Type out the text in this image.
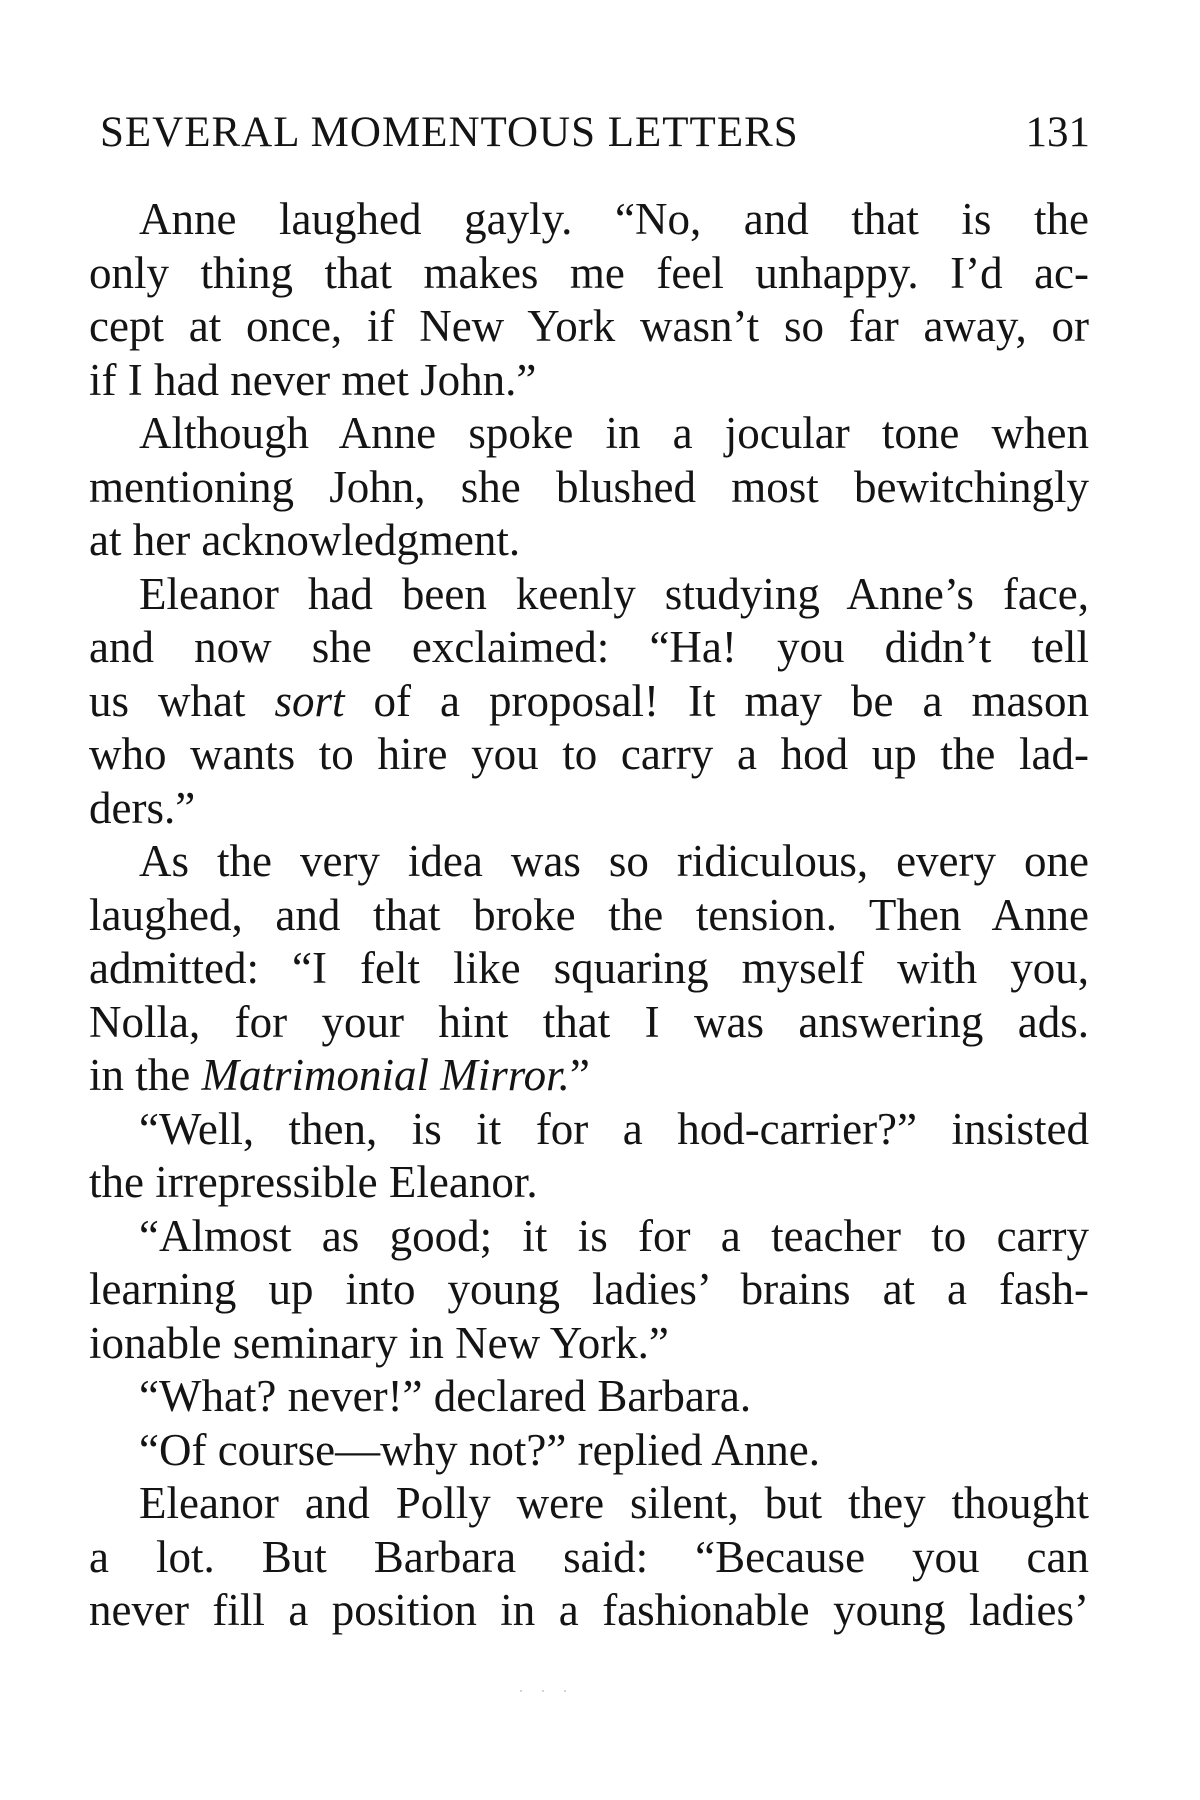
SEVERAL MOMENTOUS LETTERS	131
Anne laughed gayly. “No, and that is the
only thing that makes me feel unhappy. I’d ac-
cept at once, if New York wasn’t so far away, or
if I had never met John.”
Although Anne spoke in a jocular tone when
mentioning John, she blushed most bewitchingly
at her acknowledgment.
Eleanor had been keenly studying Anne’s face,
and now she exclaimed: “Ha! you didn’t tell
us what sort of a proposal! It may be a mason
who wants to hire you to carry a hod up the lad-
ders.”
As the very idea was so ridiculous, every one
laughed, and that broke the tension. Then Anne
admitted: “I felt like squaring myself with you,
Nolla, for your hint that I was answering ads.
in the Matrimonial Mirror.”
“Well, then, is it for a hod-carrier?” insisted
the irrepressible Eleanor.
“Almost as good; it is for a teacher to carry
learning up into young ladies’ brains at a fash-
ionable seminary in New York.”
“What? never!” declared Barbara.
“Of course—why not?” replied Anne.
Eleanor and Polly were silent, but they thought
a lot. But Barbara said: “Because you can
never fill a position in a fashionable young ladies’
